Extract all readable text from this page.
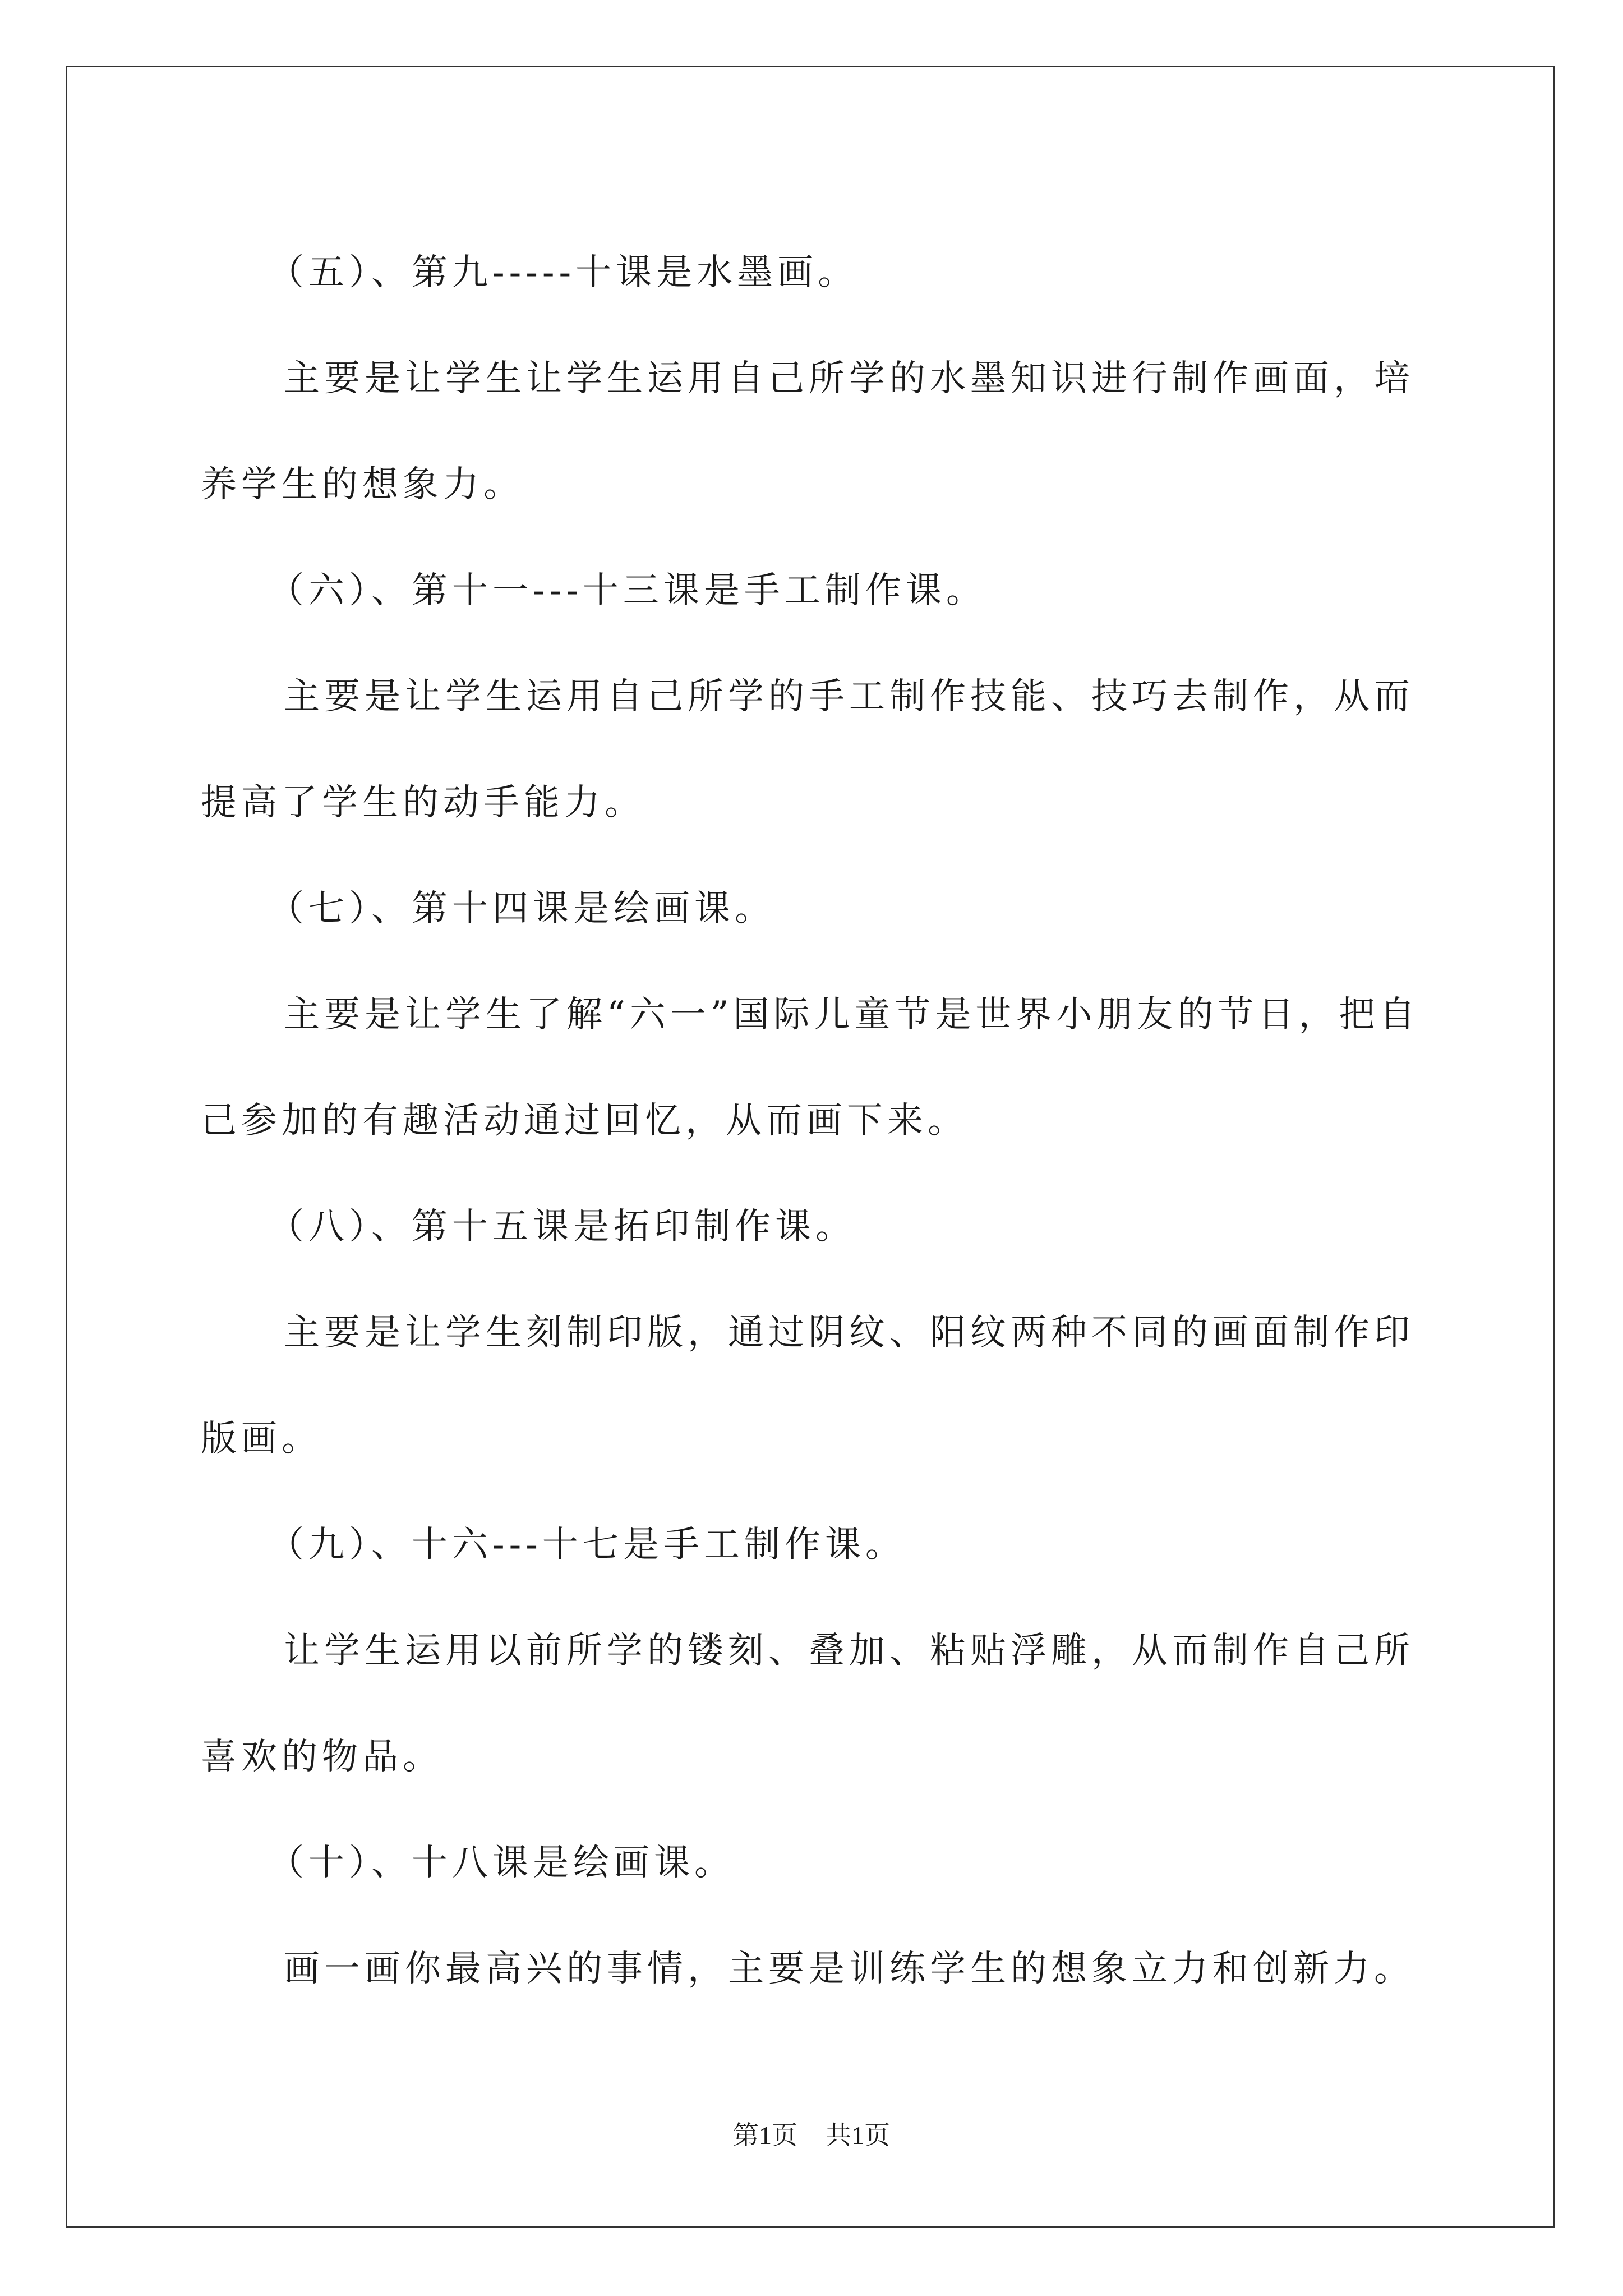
（五）、第九-----十课是水墨画。

主要是让学生让学生运用自己所学的水墨知识进行制作画面，培养学生的想象力。

（六）、第十一---十三课是手工制作课。

主要是让学生运用自己所学的手工制作技能、技巧去制作，从而提高了学生的动手能力。

（七）、第十四课是绘画课。

主要是让学生了解“六一”国际儿童节是世界小朋友的节日，把自己参加的有趣活动通过回忆，从而画下来。

（八）、第十五课是拓印制作课。

主要是让学生刻制印版，通过阴纹、阳纹两种不同的画面制作印版画。

（九）、十六---十七是手工制作课。

让学生运用以前所学的镂刻、叠加、粘贴浮雕，从而制作自己所喜欢的物品。

（十）、十八课是绘画课。

画一画你最高兴的事情，主要是训练学生的想象立力和创新力。

第1页 共1页
